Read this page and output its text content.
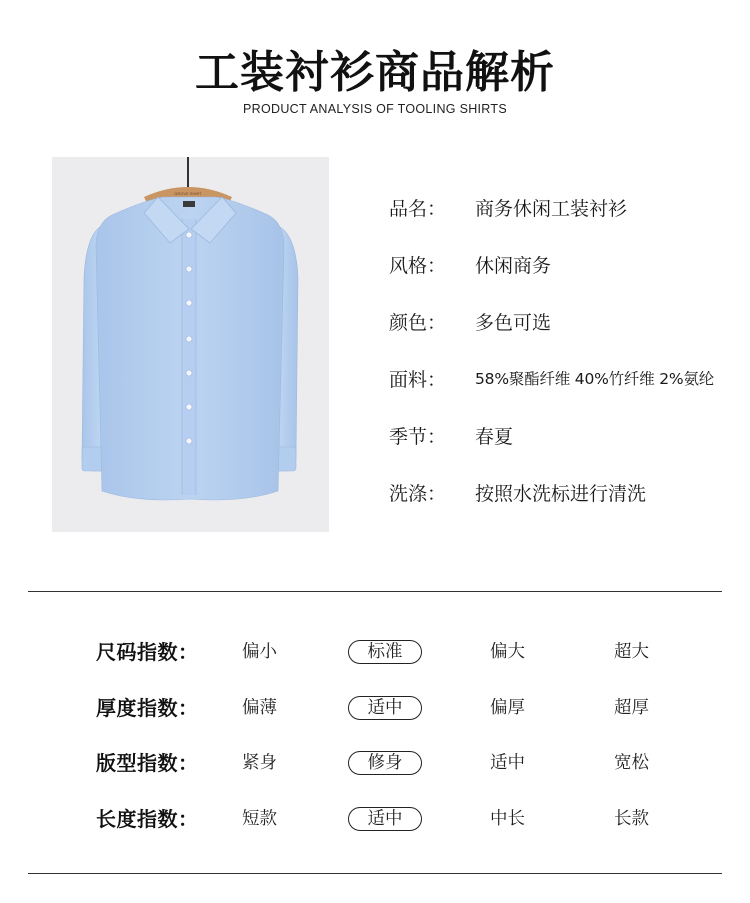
工装衬衫商品解析
PRODUCT ANALYSIS OF TOOLING SHIRTS
GROVE SHIRT
品名：	商务休闲工装衬衫
风格：	休闲商务
颜色：	多色可选
面料：	58%聚酯纤维 40%竹纤维 2%氨纶
季节：	春夏
洗涤：	按照水洗标进行清洗
尺码指数： 偏小	标准	偏大	超大
厚度指数： 偏薄	适中	偏厚	超厚
版型指数： 紧身	修身	适中	宽松
长度指数： 短款	适中	中长	长款
